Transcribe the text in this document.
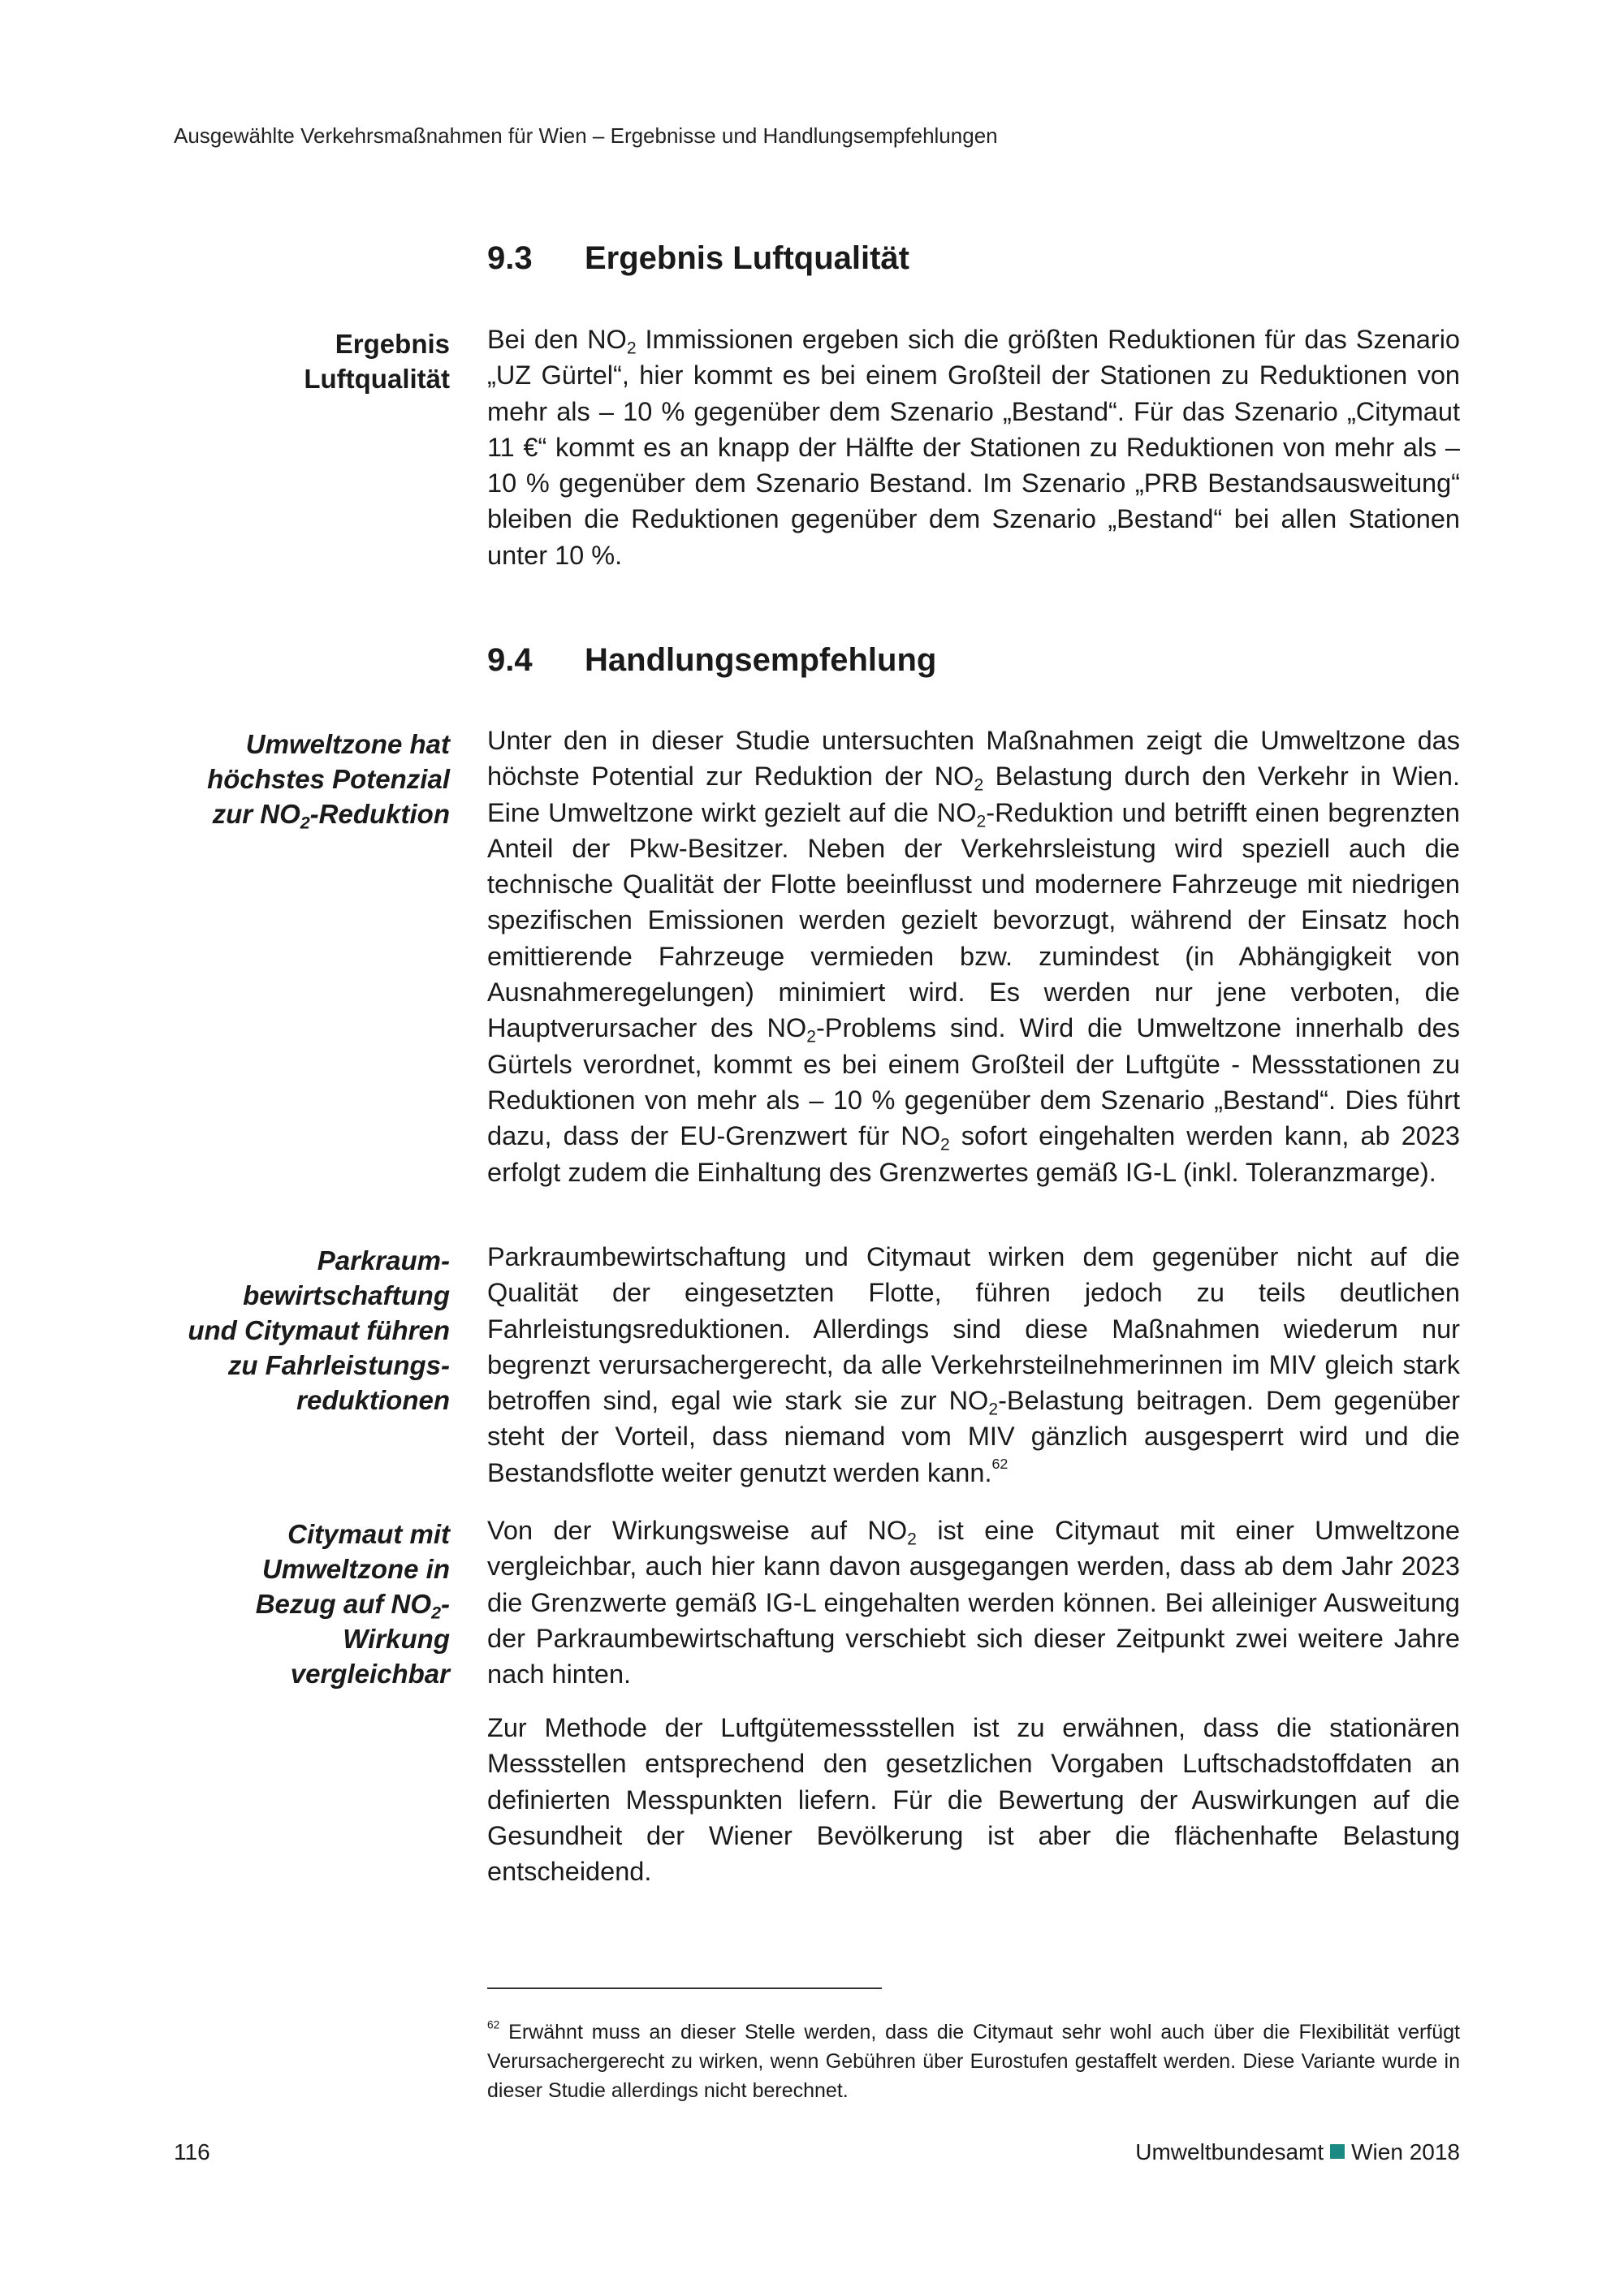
Ausgewählte Verkehrsmaßnahmen für Wien – Ergebnisse und Handlungsempfehlungen
9.3 Ergebnis Luftqualität
Ergebnis
Luftqualität

Bei den $NO_2$ Immissionen ergeben sich die größten Reduktionen für das Szenario „UZ Gürtel“, hier kommt es bei einem Großteil der Stationen zu Reduktionen von mehr als – 10 % gegenüber dem Szenario „Bestand“. Für das Szenario „Citymaut 11 €“ kommt es an knapp der Hälfte der Stationen zu Reduktionen von mehr als –10 % gegenüber dem Szenario Bestand. Im Szenario „PRB Bestandsausweitung“ bleiben die Reduktionen gegenüber dem Szenario „Bestand“ bei allen Stationen unter 10 %.

9.4 Handlungsempfehlung
Umweltzone hat
höchstes Potenzial
zur $NO_2$-Reduktion

Unter den in dieser Studie untersuchten Maßnahmen zeigt die Umweltzone das höchste Potential zur Reduktion der $NO_2$ Belastung durch den Verkehr in Wien. Eine Umweltzone wirkt gezielt auf die $NO_2$-Reduktion und betrifft einen begrenzten Anteil der Pkw-Besitzer. Neben der Verkehrsleistung wird speziell auch die technische Qualität der Flotte beeinflusst und modernere Fahrzeuge mit niedrigen spezifischen Emissionen werden gezielt bevorzugt, während der Einsatz hoch emittierende Fahrzeuge vermieden bzw. zumindest (in Abhängigkeit von Ausnahmeregelungen) minimiert wird. Es werden nur jene verboten, die Hauptverursacher des $NO_2$-Problems sind. Wird die Umweltzone innerhalb des Gürtels verordnet, kommt es bei einem Großteil der Luftgüte - Messstationen zu Reduktionen von mehr als – 10 % gegenüber dem Szenario „Bestand“. Dies führt dazu, dass der EU-Grenzwert für $NO_2$ sofort eingehalten werden kann, ab 2023 erfolgt zudem die Einhaltung des Grenzwertes gemäß IG-L (inkl. Toleranzmarge).

Parkraum-
bewirtschaftung
und Citymaut führen
zu Fahrleistungs-
reduktionen

Parkraumbewirtschaftung und Citymaut wirken dem gegenüber nicht auf die Qualität der eingesetzten Flotte, führen jedoch zu teils deutlichen Fahrleistungsreduktionen. Allerdings sind diese Maßnahmen wiederum nur begrenzt verursachergerecht, da alle Verkehrsteilnehmerinnen im MIV gleich stark betroffen sind, egal wie stark sie zur $NO_2$-Belastung beitragen. Dem gegenüber steht der Vorteil, dass niemand vom MIV gänzlich ausgesperrt wird und die Bestandsflotte weiter genutzt werden kann.$^{62}$

Citymaut mit
Umweltzone in
Bezug auf $NO_2-$
Wirkung
vergleichbar

Von der Wirkungsweise auf $NO_2$ ist eine Citymaut mit einer Umweltzone vergleichbar, auch hier kann davon ausgegangen werden, dass ab dem Jahr 2023 die Grenzwerte gemäß IG-L eingehalten werden können. Bei alleiniger Ausweitung der Parkraumbewirtschaftung verschiebt sich dieser Zeitpunkt zwei weitere Jahre nach hinten.

Zur Methode der Luftgütemessstellen ist zu erwähnen, dass die stationären Messstellen entsprechend den gesetzlichen Vorgaben Luftschadstoffdaten an definierten Messpunkten liefern. Für die Bewertung der Auswirkungen auf die Gesundheit der Wiener Bevölkerung ist aber die flächenhafte Belastung entscheidend.

$^{62}$ Erwähnt muss an dieser Stelle werden, dass die Citymaut sehr wohl auch über die Flexibilität verfügt Verursachergerecht zu wirken, wenn Gebühren über Eurostufen gestaffelt werden. Diese Variante wurde in dieser Studie allerdings nicht berechnet.

116	Umweltbundesamt Wien 2018
